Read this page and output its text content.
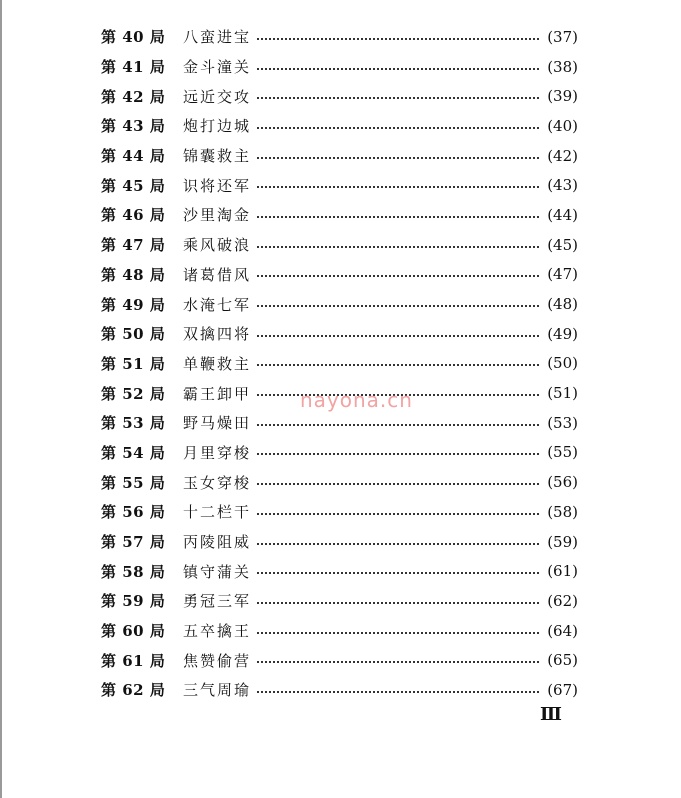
第 40 局	八蛮进宝	(37)
第 41 局	金斗潼关	(38)
第 42 局	远近交攻	(39)
第 43 局	炮打边城	(40)
第 44 局	锦囊救主	(42)
第 45 局	识将还军	(43)
第 46 局	沙里淘金	(44)
第 47 局	乘风破浪	(45)
第 48 局	诸葛借风	(47)
第 49 局	水淹七军	(48)
第 50 局	双擒四将	(49)
第 51 局	单鞭救主	(50)
第 52 局	霸王卸甲	(51)
第 53 局	野马燥田	(53)
第 54 局	月里穿梭	(55)
第 55 局	玉女穿梭	(56)
第 56 局	十二栏干	(58)
第 57 局	丙陵阻威	(59)
第 58 局	镇守蒲关	(61)
第 59 局	勇冠三军	(62)
第 60 局	五卒擒王	(64)
第 61 局	焦赞偷营	(65)
第 62 局	三气周瑜	(67)
nayona.cn
Ⅲ
